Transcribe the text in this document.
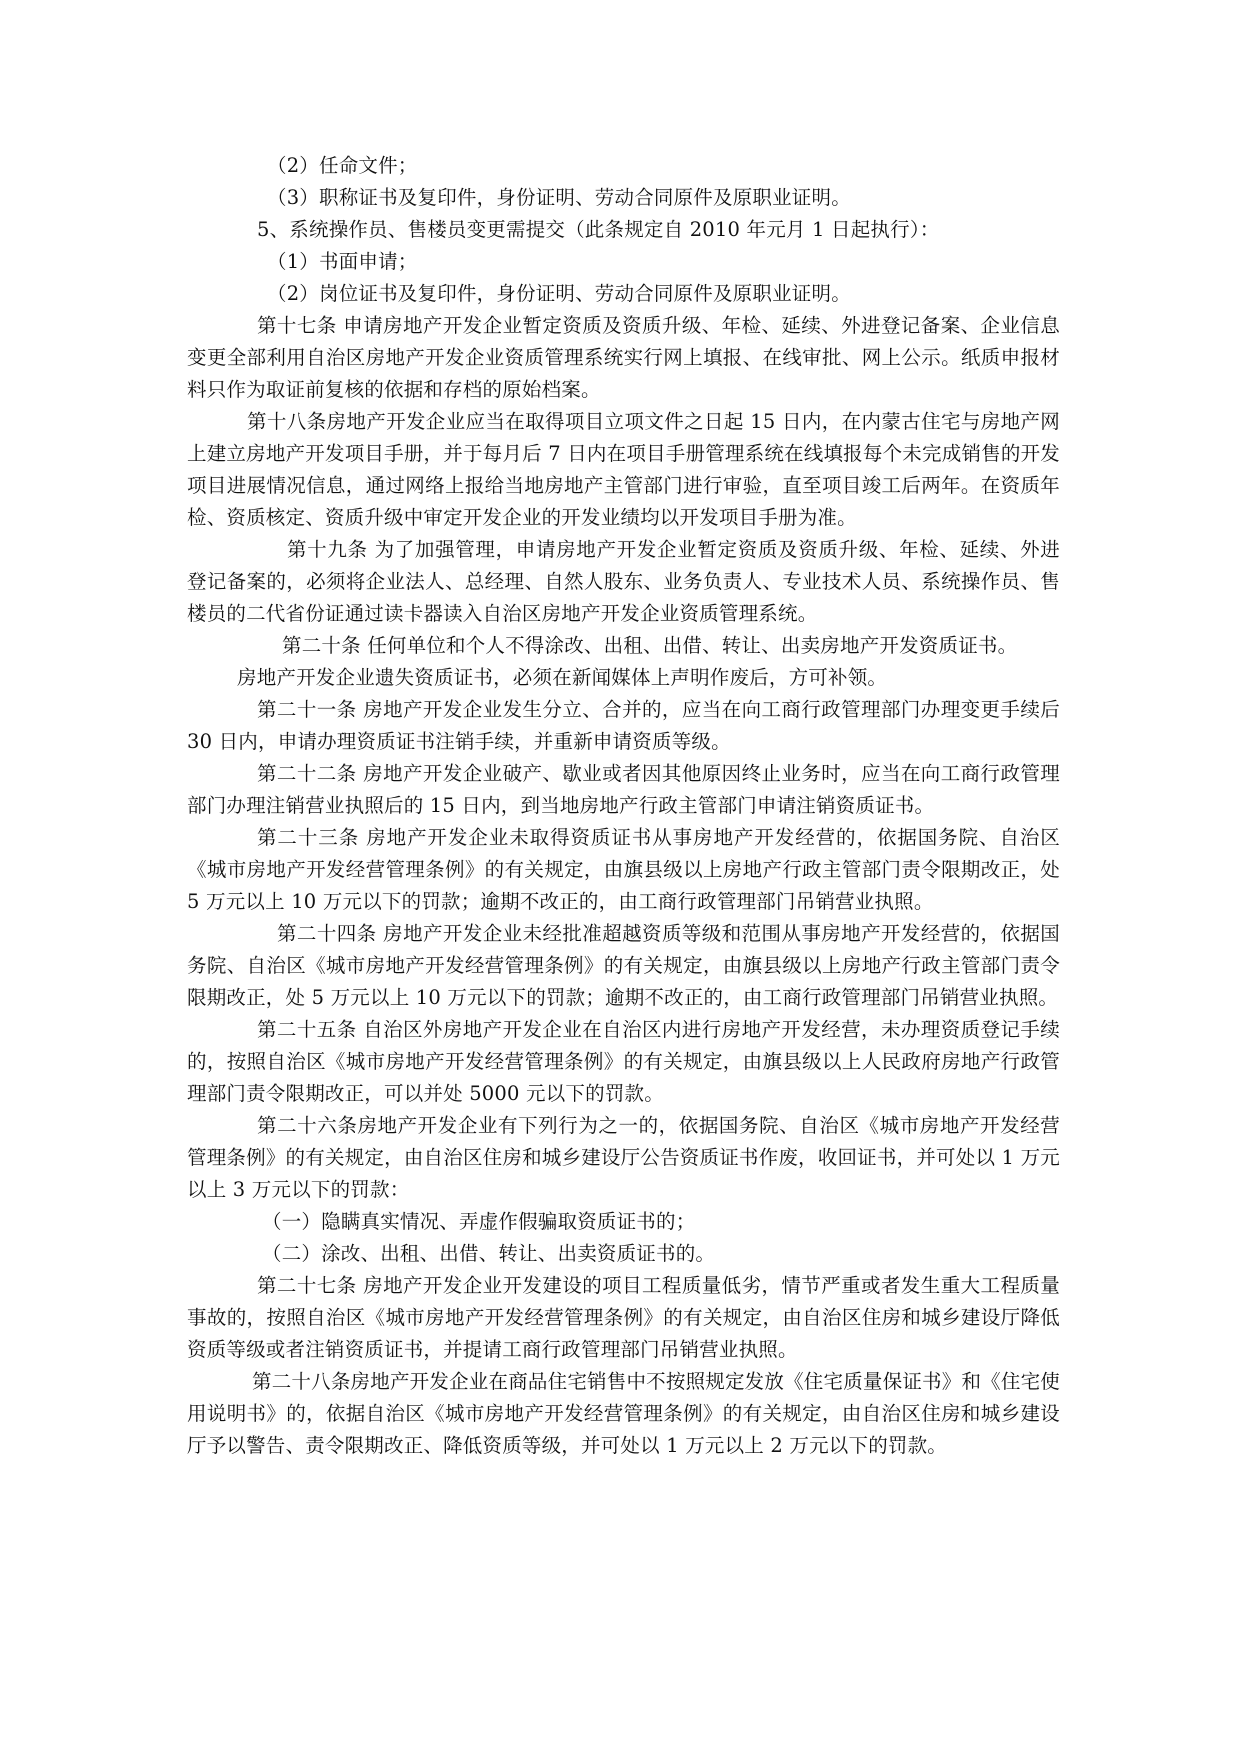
（2）任命文件；

（3）职称证书及复印件，身份证明、劳动合同原件及原职业证明。

5、系统操作员、售楼员变更需提交（此条规定自 2010 年元月 1 日起执行）：

（1）书面申请；

（2）岗位证书及复印件，身份证明、劳动合同原件及原职业证明。

第十七条 申请房地产开发企业暂定资质及资质升级、年检、延续、外进登记备案、企业信息变更全部利用自治区房地产开发企业资质管理系统实行网上填报、在线审批、网上公示。纸质申报材料只作为取证前复核的依据和存档的原始档案。

第十八条房地产开发企业应当在取得项目立项文件之日起 15 日内，在内蒙古住宅与房地产网上建立房地产开发项目手册，并于每月后 7 日内在项目手册管理系统在线填报每个未完成销售的开发项目进展情况信息，通过网络上报给当地房地产主管部门进行审验，直至项目竣工后两年。在资质年检、资质核定、资质升级中审定开发企业的开发业绩均以开发项目手册为准。

第十九条 为了加强管理，申请房地产开发企业暂定资质及资质升级、年检、延续、外进登记备案的，必须将企业法人、总经理、自然人股东、业务负责人、专业技术人员、系统操作员、售楼员的二代省份证通过读卡器读入自治区房地产开发企业资质管理系统。

第二十条 任何单位和个人不得涂改、出租、出借、转让、出卖房地产开发资质证书。

房地产开发企业遗失资质证书，必须在新闻媒体上声明作废后，方可补领。

第二十一条 房地产开发企业发生分立、合并的，应当在向工商行政管理部门办理变更手续后 30 日内，申请办理资质证书注销手续，并重新申请资质等级。

第二十二条 房地产开发企业破产、歇业或者因其他原因终止业务时，应当在向工商行政管理部门办理注销营业执照后的 15 日内，到当地房地产行政主管部门申请注销资质证书。

第二十三条 房地产开发企业未取得资质证书从事房地产开发经营的，依据国务院、自治区《城市房地产开发经营管理条例》的有关规定，由旗县级以上房地产行政主管部门责令限期改正，处 5 万元以上 10 万元以下的罚款；逾期不改正的，由工商行政管理部门吊销营业执照。

第二十四条 房地产开发企业未经批准超越资质等级和范围从事房地产开发经营的，依据国务院、自治区《城市房地产开发经营管理条例》的有关规定，由旗县级以上房地产行政主管部门责令限期改正，处 5 万元以上 10 万元以下的罚款；逾期不改正的，由工商行政管理部门吊销营业执照。

第二十五条 自治区外房地产开发企业在自治区内进行房地产开发经营，未办理资质登记手续的，按照自治区《城市房地产开发经营管理条例》的有关规定，由旗县级以上人民政府房地产行政管理部门责令限期改正，可以并处 5000 元以下的罚款。

第二十六条房地产开发企业有下列行为之一的，依据国务院、自治区《城市房地产开发经营管理条例》的有关规定，由自治区住房和城乡建设厅公告资质证书作废，收回证书，并可处以 1 万元以上 3 万元以下的罚款：

（一）隐瞒真实情况、弄虚作假骗取资质证书的；

（二）涂改、出租、出借、转让、出卖资质证书的。

第二十七条 房地产开发企业开发建设的项目工程质量低劣，情节严重或者发生重大工程质量事故的，按照自治区《城市房地产开发经营管理条例》的有关规定，由自治区住房和城乡建设厅降低资质等级或者注销资质证书，并提请工商行政管理部门吊销营业执照。

第二十八条房地产开发企业在商品住宅销售中不按照规定发放《住宅质量保证书》和《住宅使用说明书》的，依据自治区《城市房地产开发经营管理条例》的有关规定，由自治区住房和城乡建设厅予以警告、责令限期改正、降低资质等级，并可处以 1 万元以上 2 万元以下的罚款。
